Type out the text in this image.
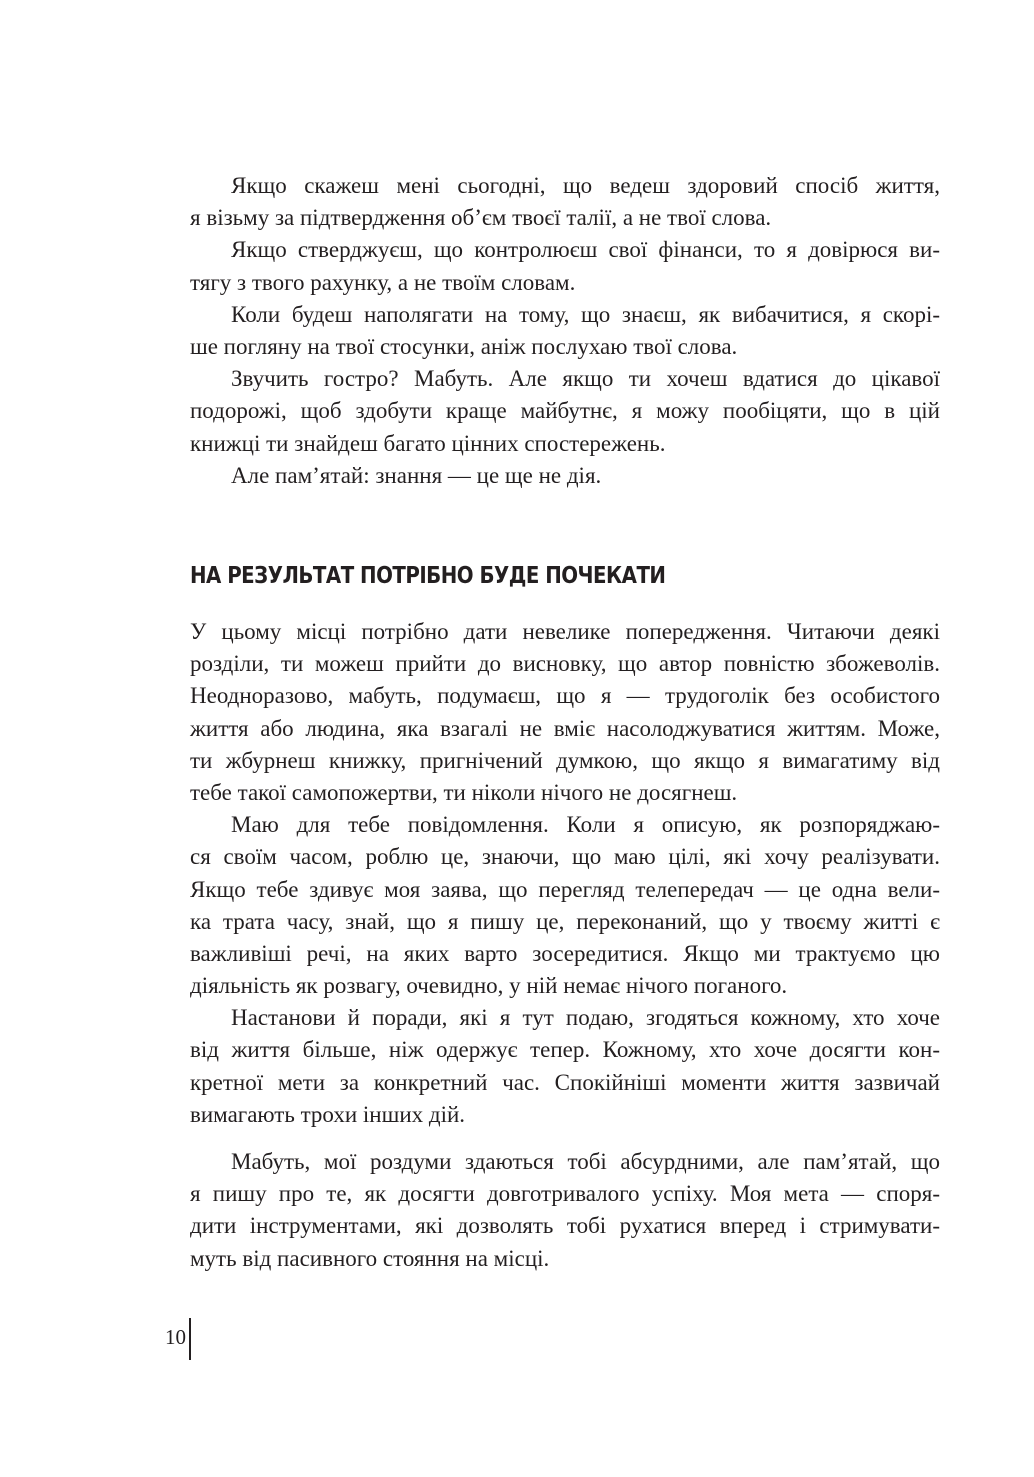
Якщо скажеш мені сьогодні, що ведеш здоровий спосіб життя,
я візьму за підтвердження об’єм твоєї талії, а не твої слова.
Якщо стверджуєш, що контролюєш свої фінанси, то я довірюся ви-
тягу з твого рахунку, а не твоїм словам.
Коли будеш наполягати на тому, що знаєш, як вибачитися, я скорі-
ше погляну на твої стосунки, аніж послухаю твої слова.
Звучить гостро? Мабуть. Але якщо ти хочеш вдатися до цікавої
подорожі, щоб здобути краще майбутнє, я можу пообіцяти, що в цій
книжці ти знайдеш багато цінних спостережень.
Але пам’ятай: знання — це ще не дія.
НА РЕЗУЛЬТАТ ПОТРІБНО БУДЕ ПОЧЕКАТИ
У цьому місці потрібно дати невелике попередження. Читаючи деякі
розділи, ти можеш прийти до висновку, що автор повністю збожеволів.
Неодноразово, мабуть, подумаєш, що я — трудоголік без особистого
життя або людина, яка взагалі не вміє насолоджуватися життям. Може,
ти жбурнеш книжку, пригнічений думкою, що якщо я вимагатиму від
тебе такої самопожертви, ти ніколи нічого не досягнеш.
Маю для тебе повідомлення. Коли я описую, як розпоряджаю-
ся своїм часом, роблю це, знаючи, що маю цілі, які хочу реалізувати.
Якщо тебе здивує моя заява, що перегляд телепередач — це одна вели-
ка трата часу, знай, що я пишу це, переконаний, що у твоєму житті є
важливіші речі, на яких варто зосередитися. Якщо ми трактуємо цю
діяльність як розвагу, очевидно, у ній немає нічого поганого.
Настанови й поради, які я тут подаю, згодяться кожному, хто хоче
від життя більше, ніж одержує тепер. Кожному, хто хоче досягти кон-
кретної мети за конкретний час. Спокійніші моменти життя зазвичай
вимагають трохи інших дій.
Мабуть, мої роздуми здаються тобі абсурдними, але пам’ятай, що
я пишу про те, як досягти довготривалого успіху. Моя мета — споря-
дити інструментами, які дозволять тобі рухатися вперед і стримувати-
муть від пасивного стояння на місці.
10
